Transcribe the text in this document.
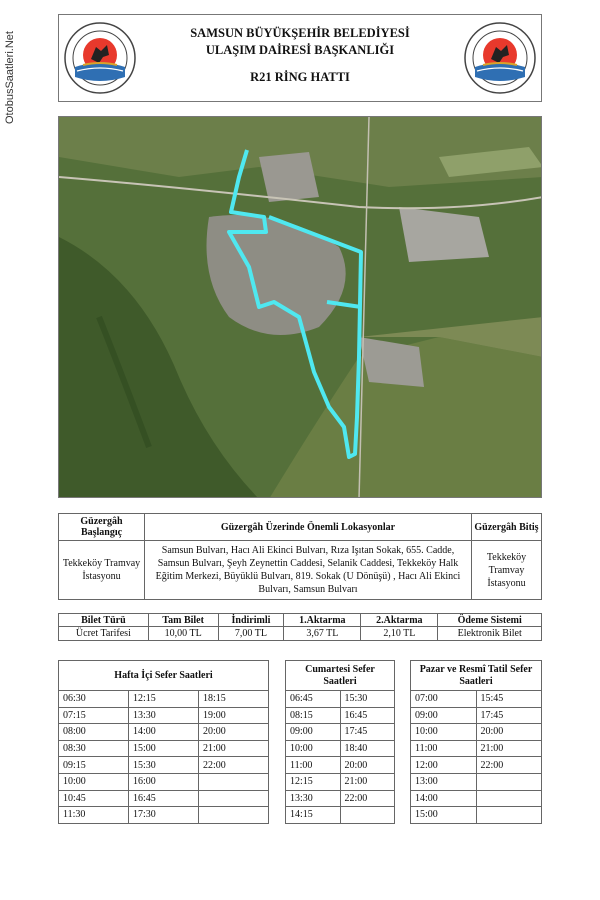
OtobusSaatleri.Net	SAMSUN BÜYÜKŞEHİR BELEDİYESİ
ULAŞIM DAİRESİ BAŞKANLIĞI
R21 RİNG HATTI
Güzergâh Başlangıç	Güzergâh Üzerinde Önemli Lokasyonlar	Güzergâh Bitiş
Tekkeköy Tramvay İstasyonu	Samsun Bulvarı, Hacı Ali Ekinci Bulvarı, Rıza Işıtan Sokak, 655. Cadde, Samsun Bulvarı, Şeyh Zeynettin Caddesi, Selanik Caddesi, Tekkeköy Halk Eğitim Merkezi, Büyüklü Bulvarı, 819. Sokak (U Dönüşü) , Hacı Ali Ekinci Bulvarı, Samsun Bulvarı	Tekkeköy Tramvay İstasyonu
Bilet Türü	Tam Bilet	İndirimli	1.Aktarma	2.Aktarma	Ödeme Sistemi
Ücret Tarifesi	10,00 TL	7,00 TL	3,67 TL	2,10 TL	Elektronik Bilet
Hafta İçi Sefer Saatleri		
06:30	12:15	18:15
07:15	13:30	19:00
08:00	14:00	20:00
08:30	15:00	21:00
09:15	15:30	22:00
10:00	16:00	
10:45	16:45	
11:30	17:30	
Cumartesi Sefer Saatleri	
06:45	15:30
08:15	16:45
09:00	17:45
10:00	18:40
11:00	20:00
12:15	21:00
13:30	22:00
14:15	
Pazar ve Resmî Tatil Sefer Saatleri	
07:00	15:45
09:00	17:45
10:00	20:00
11:00	21:00
12:00	22:00
13:00	
14:00	
15:00	
